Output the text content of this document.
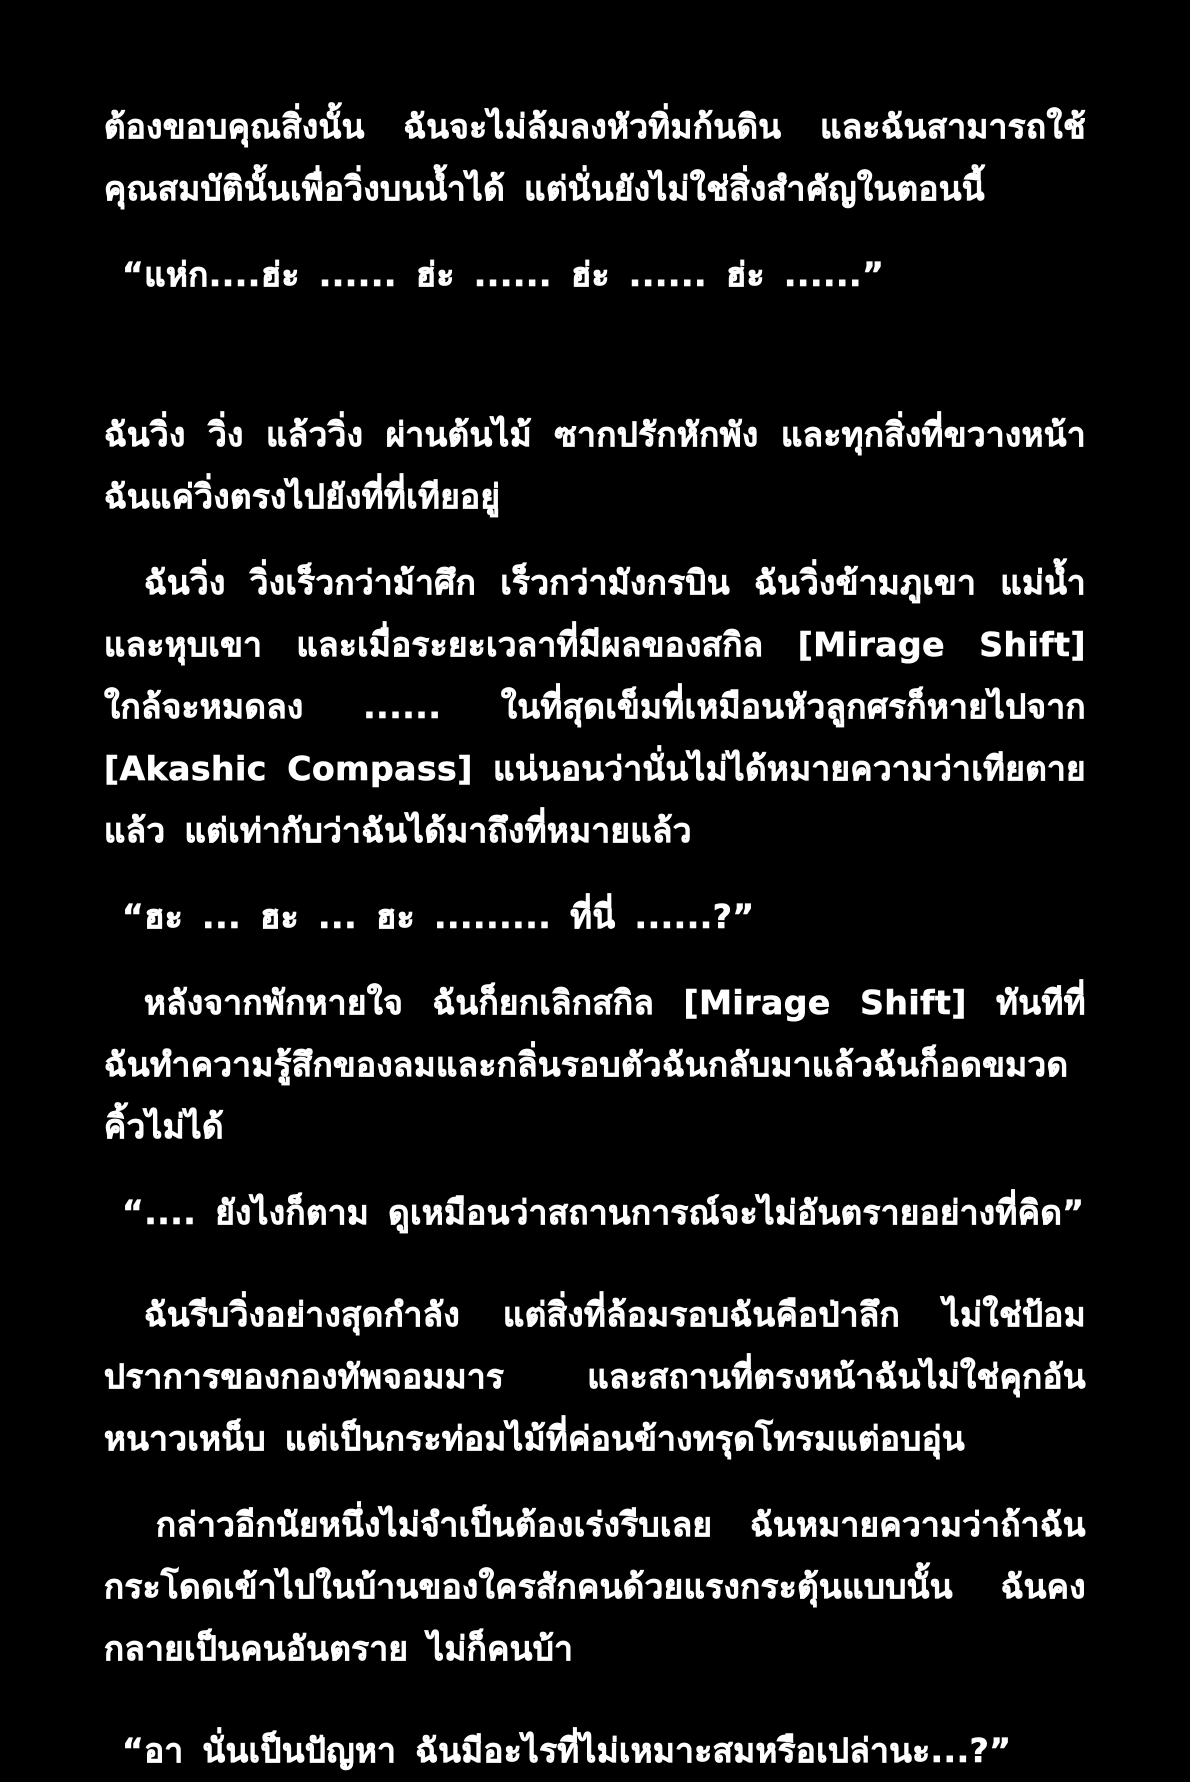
ต้องขอบคุณสิ่งนั้น ฉันจะไม่ล้มลงหัวทิ่มก้นดิน และฉันสามารถใช้คุณสมบัตินั้นเพื่อวิ่งบนน้ำได้ แต่นั่นยังไม่ใช่สิ่งสำคัญในตอนนี้

“แห่ก....ฮ่ะ ...... ฮ่ะ ...... ฮ่ะ ...... ฮ่ะ ......”

ฉันวิ่ง วิ่ง แล้ววิ่ง ผ่านต้นไม้ ซากปรักหักพัง และทุกสิ่งที่ขวางหน้า ฉันแค่วิ่งตรงไปยังที่ที่เทียอยู่

ฉันวิ่ง วิ่งเร็วกว่าม้าศึก เร็วกว่ามังกรบิน ฉันวิ่งข้ามภูเขา แม่น้ำ และหุบเขา และเมื่อระยะเวลาที่มีผลของสกิล [Mirage Shift] ใกล้จะหมดลง ...... ในที่สุดเข็มที่เหมือนหัวลูกศรก็หายไปจาก [Akashic Compass] แน่นอนว่านั่นไม่ได้หมายความว่าเทียตายแล้ว แต่เท่ากับว่าฉันได้มาถึงที่หมายแล้ว

“ฮะ ... ฮะ ... ฮะ ......... ที่นี่ ......?”

หลังจากพักหายใจ ฉันก็ยกเลิกสกิล [Mirage Shift] ทันทีที่ฉันทำความรู้สึกของลมและกลิ่นรอบตัวฉันกลับมาแล้วฉันก็อดขมวดคิ้วไม่ได้

“.... ยังไงก็ตาม ดูเหมือนว่าสถานการณ์จะไม่อันตรายอย่างที่คิด”

ฉันรีบวิ่งอย่างสุดกำลัง แต่สิ่งที่ล้อมรอบฉันคือป่าลึก ไม่ใช่ป้อมปราการของกองทัพจอมมาร และสถานที่ตรงหน้าฉันไม่ใช่คุกอันหนาวเหน็บ แต่เป็นกระท่อมไม้ที่ค่อนข้างทรุดโทรมแต่อบอุ่น

กล่าวอีกนัยหนึ่งไม่จำเป็นต้องเร่งรีบเลย ฉันหมายความว่าถ้าฉันกระโดดเข้าไปในบ้านของใครสักคนด้วยแรงกระตุ้นแบบนั้น ฉันคงกลายเป็นคนอันตราย ไม่ก็คนบ้า

“อา นั่นเป็นปัญหา ฉันมีอะไรที่ไม่เหมาะสมหรือเปล่านะ...?”
